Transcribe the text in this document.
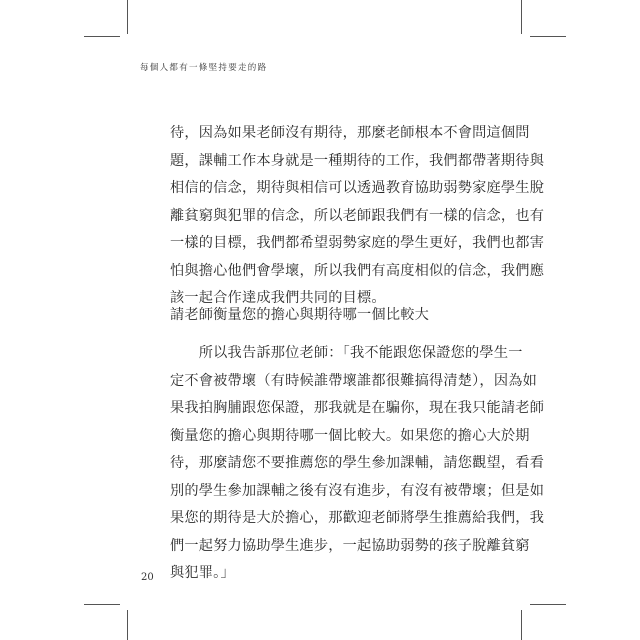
每個人都有一條堅持要走的路

待，因為如果老師沒有期待，那麼老師根本不會問這個問
題，課輔工作本身就是一種期待的工作，我們都帶著期待與
相信的信念，期待與相信可以透過教育協助弱勢家庭學生脫
離貧窮與犯罪的信念，所以老師跟我們有一樣的信念，也有
一樣的目標，我們都希望弱勢家庭的學生更好，我們也都害
怕與擔心他們會學壞，所以我們有高度相似的信念，我們應
該一起合作達成我們共同的目標。

請老師衡量您的擔心與期待哪一個比較大

　　所以我告訴那位老師：「我不能跟您保證您的學生一
定不會被帶壞（有時候誰帶壞誰都很難搞得清楚），因為如
果我拍胸脯跟您保證，那我就是在騙你，現在我只能請老師
衡量您的擔心與期待哪一個比較大。如果您的擔心大於期
待，那麼請您不要推薦您的學生參加課輔，請您觀望，看看
別的學生參加課輔之後有沒有進步，有沒有被帶壞；但是如
果您的期待是大於擔心，那歡迎老師將學生推薦給我們，我
們一起努力協助學生進步，一起協助弱勢的孩子脫離貧窮
與犯罪。」

20
